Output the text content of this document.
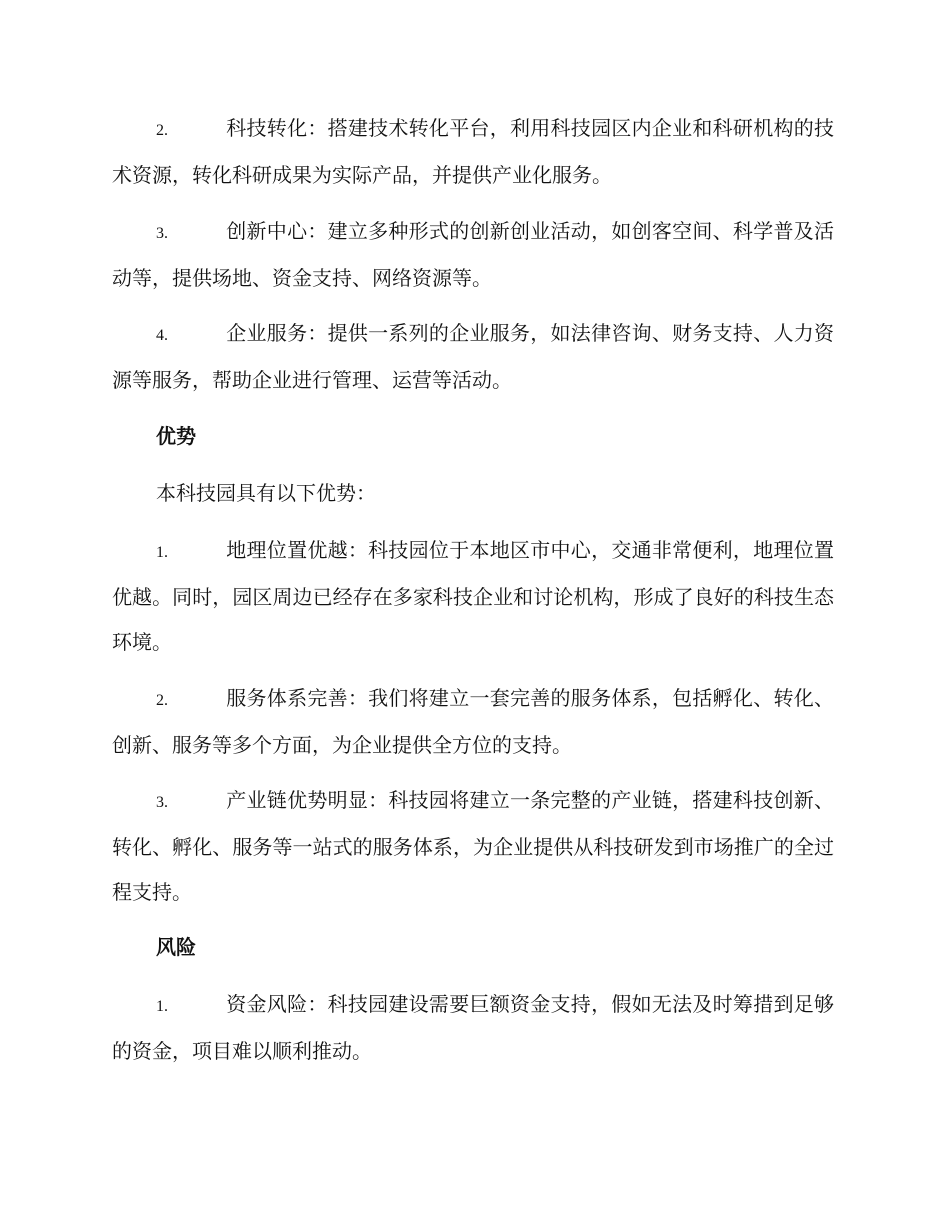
2.	科技转化：搭建技术转化平台，利用科技园区内企业和科研机构的技术资源，转化科研成果为实际产品，并提供产业化服务。

3.	创新中心：建立多种形式的创新创业活动，如创客空间、科学普及活动等，提供场地、资金支持、网络资源等。

4.	企业服务：提供一系列的企业服务，如法律咨询、财务支持、人力资源等服务，帮助企业进行管理、运营等活动。

优势

本科技园具有以下优势：

1.	地理位置优越：科技园位于本地区市中心，交通非常便利，地理位置优越。同时，园区周边已经存在多家科技企业和讨论机构，形成了良好的科技生态环境。

2.	服务体系完善：我们将建立一套完善的服务体系，包括孵化、转化、创新、服务等多个方面，为企业提供全方位的支持。

3.	产业链优势明显：科技园将建立一条完整的产业链，搭建科技创新、转化、孵化、服务等一站式的服务体系，为企业提供从科技研发到市场推广的全过程支持。

风险

1.	资金风险：科技园建设需要巨额资金支持，假如无法及时筹措到足够的资金，项目难以顺利推动。
